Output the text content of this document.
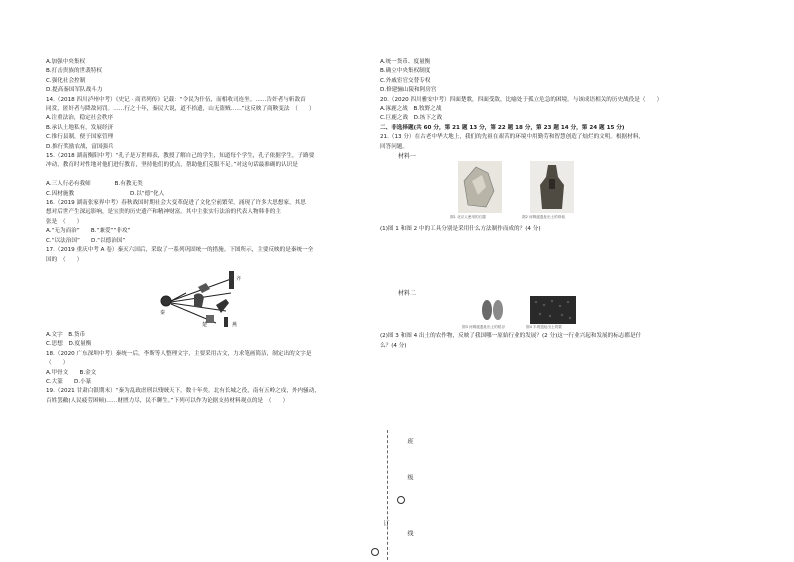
A.加强中央集权
B.打击贵族的世袭特权
C.强化社会控制
D.提高秦国军队战斗力
14.（2018 四川泸州中考）《史记 · 商君列传》记载：“令民为什伍，而相收司连坐。……告奸者与斩敌首
同赏，匿奸者与降敌同罚。……行之十年，秦民大说，道不拾遗，山无盗贼……”这反映了商鞅变法　（　　）
A.注重法治，稳定社会秩序
B.承认土地私有，发展经济
C.推行县制，便于国家管理
D.推行奖励农战，富国强兵
15.（2018 湖南衡阳中考）“孔子是万世师表，教授了解自己的学生，知道每个学生，孔子依据学生，子路要
冲动，教育时对性地对他们进行教育，坚持他们的优点，帮助他们克服不足。”对这句话最准确的认识是
A.三人行必有我师	B.有教无类
C.因材施教	D.以“德”化人
16.（2019 湖南张家界中考）春秋战国时期社会大变革促进了文化空前繁荣，涌现了许多大思想家，其思
想对后世产生深远影响，是宝贵的历史遗产和精神财富。其中主张实行法治的代表人物韩非的主
张是　（　　）
A.“无为而治”　　B.“兼爱”“非攻”
C.“以法治国”　　D.“以德治国”
17.（2019 重庆中考 A 卷）秦灭六国后，采取了一系列巩固统一的措施。下图所示，主要反映的是秦统一全
国的　（　　）
齐
楚
秦
燕
A.文字　B.货币
C.思想　D.度量衡
18.（2020 广东深圳中考）秦统一后，李斯等人整理文字，主要采用古文，力求笔画简洁，制定出的文字是
（　　）
A.甲骨文　　B.金文
C.大篆　　D.小篆
19.（2021 甘肃白银期末）“秦为乱政虐刑以残贼天下，数十年矣。北有长城之役，南有五岭之戍，外内骚动，
百姓罢敝(人民疲劳困顿)……财匮力尽，民不聊生。”下列可以作为论据支持材料观点的是　（　　）
A.统一货币、度量衡
B.确立中央集权制度
C.外戚宦官交替专权
D.修建骊山陵和阿房宫
20.（2020 四川雅安中考）四面楚歌，四面受敌，比喻处于孤立危急的困境。与该成语相关的历史战役是（　　）
A.涿鹿之战　B.牧野之战
C.巨鹿之战　D.垓下之战
二、非选择题(共 60 分，第 21 题 13 分，第 22 题 18 分，第 23 题 14 分，第 24 题 15 分)
21.（13 分）在古老中华大地上，我们的先祖在艰苦的环境中用勤劳和智慧创造了灿烂的文明。根据材料，
回答问题。
材料一
图1 北京人使用的石器	图2 河姆渡遗址出土的骨耜
(1)图 1 和图 2 中的工具分别是采用什么方法制作而成的？(4 分)
材料二
图3 河姆渡遗址出土的稻谷	图4 半坡遗址出土的粟
(2)图 3 和图 4 出土的农作物，反映了我国哪一原始行业的发展？(2 分)这一行业兴起和发展的标志都是什
么？(4 分)
班
级
订
线
